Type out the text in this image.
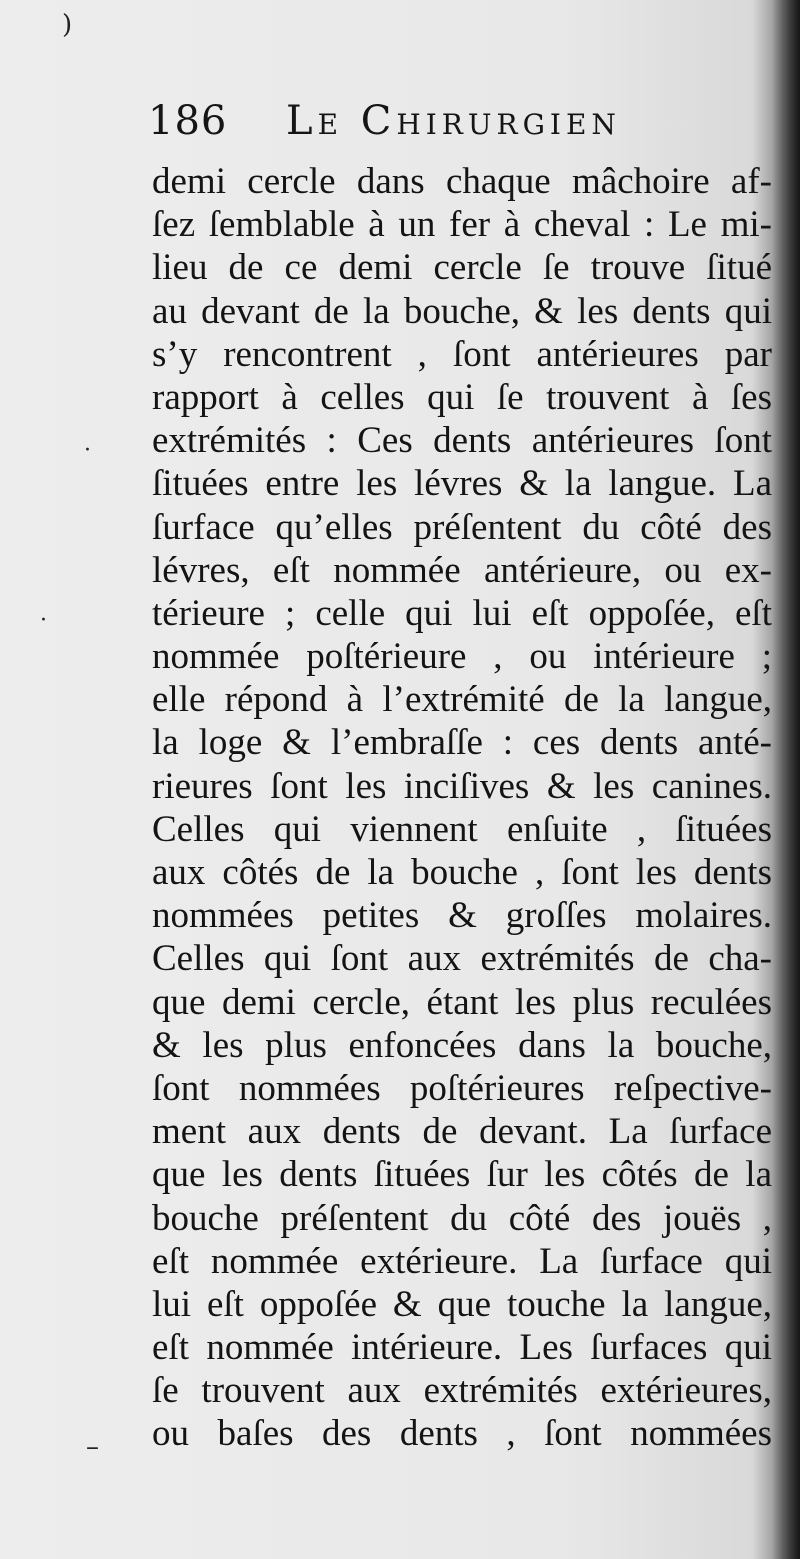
186 Le Chirurgien
demi cercle dans chaque mâchoire af-
ſez ſemblable à un fer à cheval : Le mi-
lieu de ce demi cercle ſe trouve ſitué
au devant de la bouche, & les dents qui
s’y rencontrent , ſont antérieures par
rapport à celles qui ſe trouvent à ſes
extrémités : Ces dents antérieures ſont
ſituées entre les lévres & la langue. La
ſurface qu’elles préſentent du côté des
lévres, eſt nommée antérieure, ou ex-
térieure ; celle qui lui eſt oppoſée, eſt
nommée poſtérieure , ou intérieure ;
elle répond à l’extrémité de la langue,
la loge & l’embraſſe : ces dents anté-
rieures ſont les inciſives & les canines.
Celles qui viennent enſuite , ſituées
aux côtés de la bouche , ſont les dents
nommées petites & groſſes molaires.
Celles qui ſont aux extrémités de cha-
que demi cercle, étant les plus reculées
& les plus enfoncées dans la bouche,
ſont nommées poſtérieures reſpective-
ment aux dents de devant. La ſurface
que les dents ſituées ſur les côtés de la
bouche préſentent du côté des jouës ,
eſt nommée extérieure. La ſurface qui
lui eſt oppoſée & que touche la langue,
eſt nommée intérieure. Les ſurfaces qui
ſe trouvent aux extrémités extérieures,
ou baſes des dents , ſont nommées
)
·
·
–
